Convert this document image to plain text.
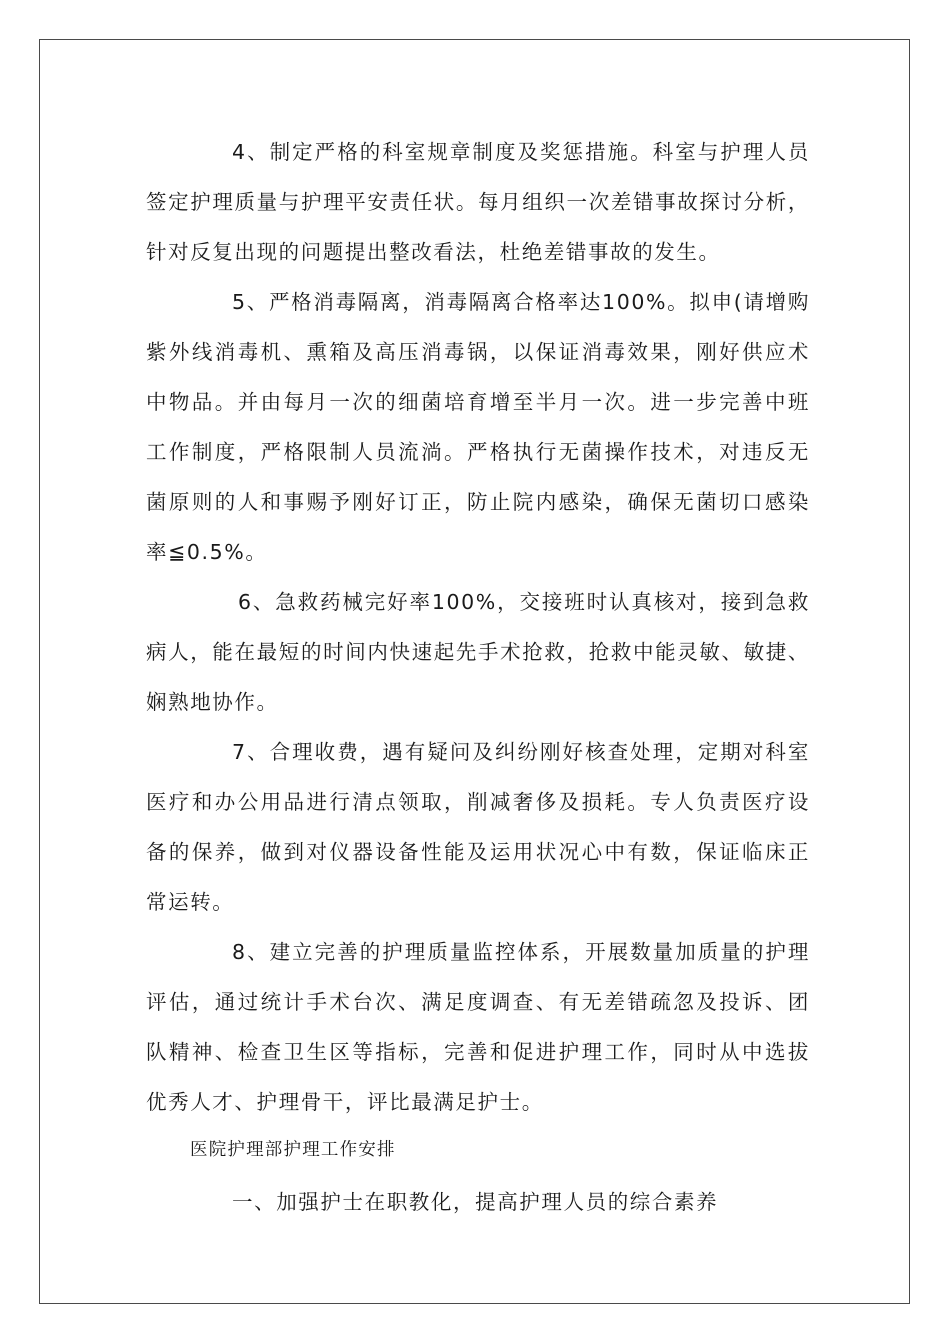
4、制定严格的科室规章制度及奖惩措施。科室与护理人员
签定护理质量与护理平安责任状。每月组织一次差错事故探讨分析，
针对反复出现的问题提出整改看法，杜绝差错事故的发生。
5、严格消毒隔离，消毒隔离合格率达100%。拟申(请增购
紫外线消毒机、熏箱及高压消毒锅，以保证消毒效果，刚好供应术
中物品。并由每月一次的细菌培育增至半月一次。进一步完善中班
工作制度，严格限制人员流淌。严格执行无菌操作技术，对违反无
菌原则的人和事赐予刚好订正，防止院内感染，确保无菌切口感染
率≦0.5%。
6、急救药械完好率100%，交接班时认真核对，接到急救
病人，能在最短的时间内快速起先手术抢救，抢救中能灵敏、敏捷、
娴熟地协作。
7、合理收费，遇有疑问及纠纷刚好核查处理，定期对科室
医疗和办公用品进行清点领取，削减奢侈及损耗。专人负责医疗设
备的保养，做到对仪器设备性能及运用状况心中有数，保证临床正
常运转。
8、建立完善的护理质量监控体系，开展数量加质量的护理
评估，通过统计手术台次、满足度调查、有无差错疏忽及投诉、团
队精神、检查卫生区等指标，完善和促进护理工作，同时从中选拔
优秀人才、护理骨干，评比最满足护士。
医院护理部护理工作安排
一、加强护士在职教化，提高护理人员的综合素养
